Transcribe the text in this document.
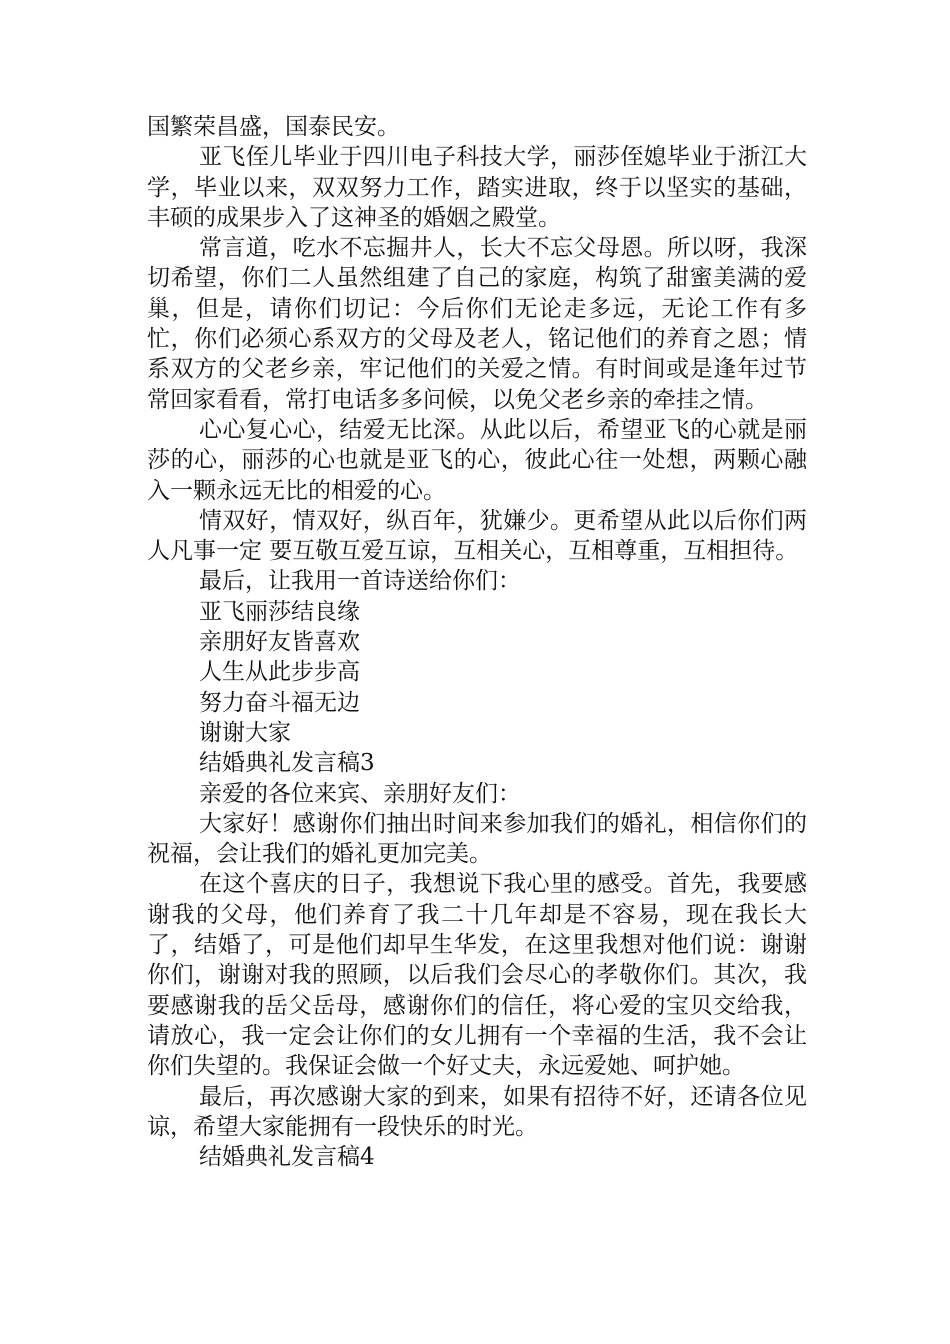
国繁荣昌盛，国泰民安。

亚飞侄儿毕业于四川电子科技大学，丽莎侄媳毕业于浙江大学，毕业以来，双双努力工作，踏实进取，终于以坚实的基础，丰硕的成果步入了这神圣的婚姻之殿堂。

常言道，吃水不忘掘井人，长大不忘父母恩。所以呀，我深切希望，你们二人虽然组建了自己的家庭，构筑了甜蜜美满的爱巢，但是，请你们切记：今后你们无论走多远，无论工作有多忙，你们必须心系双方的父母及老人，铭记他们的养育之恩；情系双方的父老乡亲，牢记他们的关爱之情。有时间或是逢年过节常回家看看，常打电话多多问候，以免父老乡亲的牵挂之情。

心心复心心，结爱无比深。从此以后，希望亚飞的心就是丽莎的心，丽莎的心也就是亚飞的心，彼此心往一处想，两颗心融入一颗永远无比的相爱的心。

情双好，情双好，纵百年，犹嫌少。更希望从此以后你们两人凡事一定 要互敬互爱互谅，互相关心，互相尊重，互相担待。

最后，让我用一首诗送给你们：

亚飞丽莎结良缘

亲朋好友皆喜欢

人生从此步步高

努力奋斗福无边

谢谢大家

结婚典礼发言稿3

亲爱的各位来宾、亲朋好友们：

大家好！感谢你们抽出时间来参加我们的婚礼，相信你们的祝福，会让我们的婚礼更加完美。

在这个喜庆的日子，我想说下我心里的感受。首先，我要感谢我的父母，他们养育了我二十几年却是不容易，现在我长大了，结婚了，可是他们却早生华发，在这里我想对他们说：谢谢你们，谢谢对我的照顾，以后我们会尽心的孝敬你们。其次，我要感谢我的岳父岳母，感谢你们的信任，将心爱的宝贝交给我，请放心，我一定会让你们的女儿拥有一个幸福的生活，我不会让你们失望的。我保证会做一个好丈夫，永远爱她、呵护她。

最后，再次感谢大家的到来，如果有招待不好，还请各位见谅，希望大家能拥有一段快乐的时光。

结婚典礼发言稿4
